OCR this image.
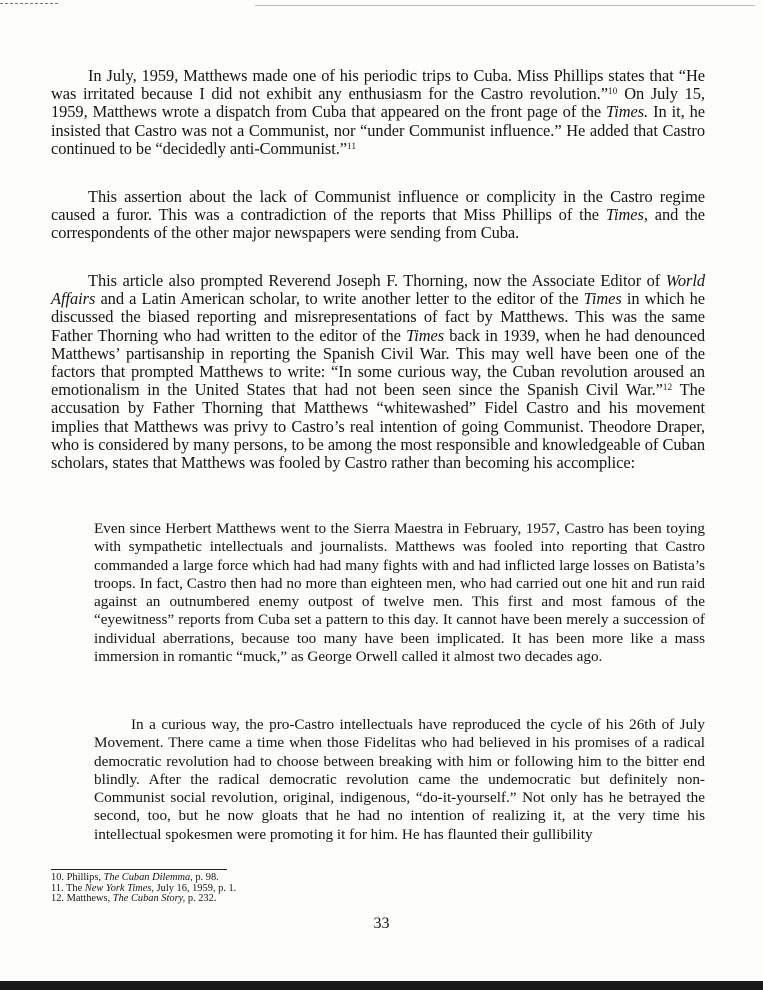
In July, 1959, Matthews made one of his periodic trips to Cuba. Miss Phillips states that “He was irritated because I did not exhibit any enthusiasm for the Castro revolution.”$^{10}$ On July 15, 1959, Matthews wrote a dispatch from Cuba that appeared on the front page of the Times. In it, he insisted that Castro was not a Communist, nor “under Communist influence.” He added that Castro continued to be “decidedly anti-Communist.”$^{11}$

This assertion about the lack of Communist influence or complicity in the Castro regime caused a furor. This was a contradiction of the reports that Miss Phillips of the Times, and the correspondents of the other major newspapers were sending from Cuba.

This article also prompted Reverend Joseph F. Thorning, now the Associate Editor of World Affairs and a Latin American scholar, to write another letter to the editor of the Times in which he discussed the biased reporting and misrepresentations of fact by Matthews. This was the same Father Thorning who had written to the editor of the Times back in 1939, when he had denounced Matthews’ partisanship in reporting the Spanish Civil War. This may well have been one of the factors that prompted Matthews to write: “In some curious way, the Cuban revolution aroused an emotionalism in the United States that had not been seen since the Spanish Civil War.”$^{12}$ The accusation by Father Thorning that Matthews “whitewashed” Fidel Castro and his movement implies that Matthews was privy to Castro’s real intention of going Communist. Theodore Draper, who is considered by many persons, to be among the most responsible and knowledgeable of Cuban scholars, states that Matthews was fooled by Castro rather than becoming his accomplice:

Even since Herbert Matthews went to the Sierra Maestra in February, 1957, Castro has been toying with sympathetic intellectuals and journalists. Matthews was fooled into reporting that Castro commanded a large force which had had many fights with and had inflicted large losses on Batista’s troops. In fact, Castro then had no more than eighteen men, who had carried out one hit and run raid against an outnumbered enemy outpost of twelve men. This first and most famous of the “eyewitness” reports from Cuba set a pattern to this day. It cannot have been merely a succession of individual aberrations, because too many have been implicated. It has been more like a mass immersion in romantic “muck,” as George Orwell called it almost two decades ago.

In a curious way, the pro-Castro intellectuals have reproduced the cycle of his 26th of July Movement. There came a time when those Fidelitas who had believed in his promises of a radical democratic revolution had to choose between breaking with him or following him to the bitter end blindly. After the radical democratic revolution came the undemocratic but definitely non-Communist social revolution, original, indigenous, “do-it-yourself.” Not only has he betrayed the second, too, but he now gloats that he had no intention of realizing it, at the very time his intellectual spokesmen were promoting it for him. He has flaunted their gullibility

10. Phillips, The Cuban Dilemma, p. 98.
11. The New York Times, July 16, 1959, p. 1.
12. Matthews, The Cuban Story, p. 232.
33
